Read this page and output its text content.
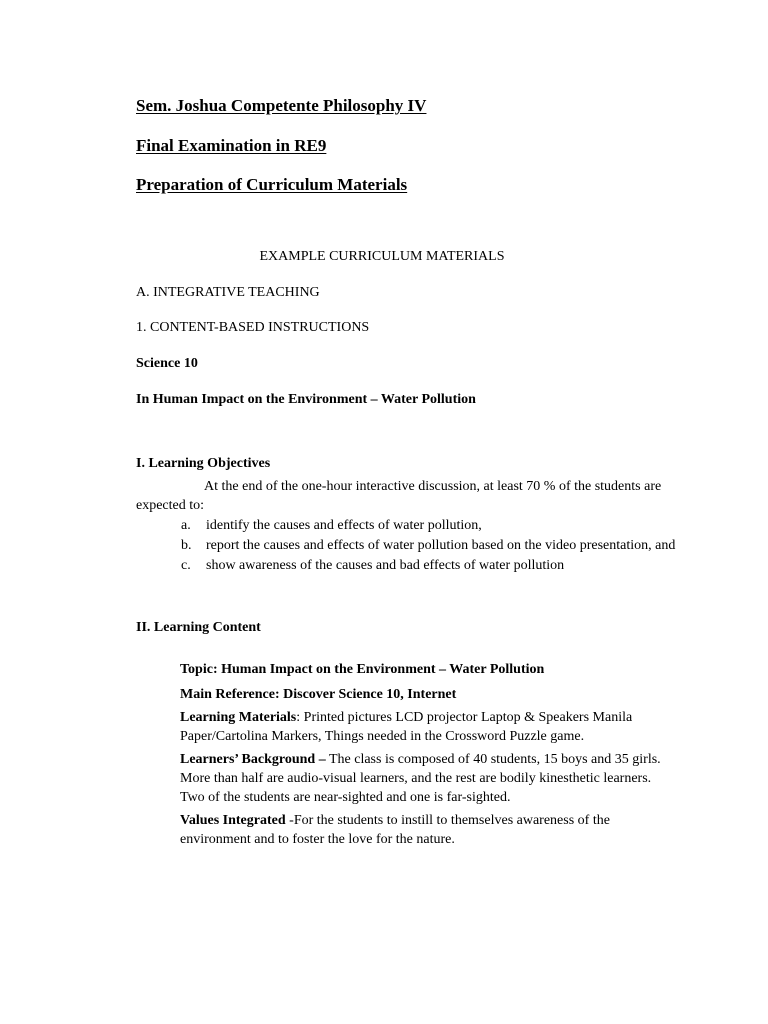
Sem. Joshua Competente Philosophy IV
Final Examination in RE9
Preparation of Curriculum Materials
EXAMPLE CURRICULUM MATERIALS
A. INTEGRATIVE TEACHING
1. CONTENT-BASED INSTRUCTIONS
Science 10
In Human Impact on the Environment – Water Pollution
I. Learning Objectives
At the end of the one-hour interactive discussion, at least 70 % of the students are expected to:
a. identify the causes and effects of water pollution,
b. report the causes and effects of water pollution based on the video presentation, and
c. show awareness of the causes and bad effects of water pollution
II. Learning Content

Topic: Human Impact on the Environment – Water Pollution

Main Reference: Discover Science 10, Internet

Learning Materials: Printed pictures LCD projector Laptop & Speakers Manila Paper/Cartolina Markers, Things needed in the Crossword Puzzle game.

Learners’ Background – The class is composed of 40 students, 15 boys and 35 girls. More than half are audio-visual learners, and the rest are bodily kinesthetic learners. Two of the students are near-sighted and one is far-sighted.

Values Integrated -For the students to instill to themselves awareness of the environment and to foster the love for the nature.
